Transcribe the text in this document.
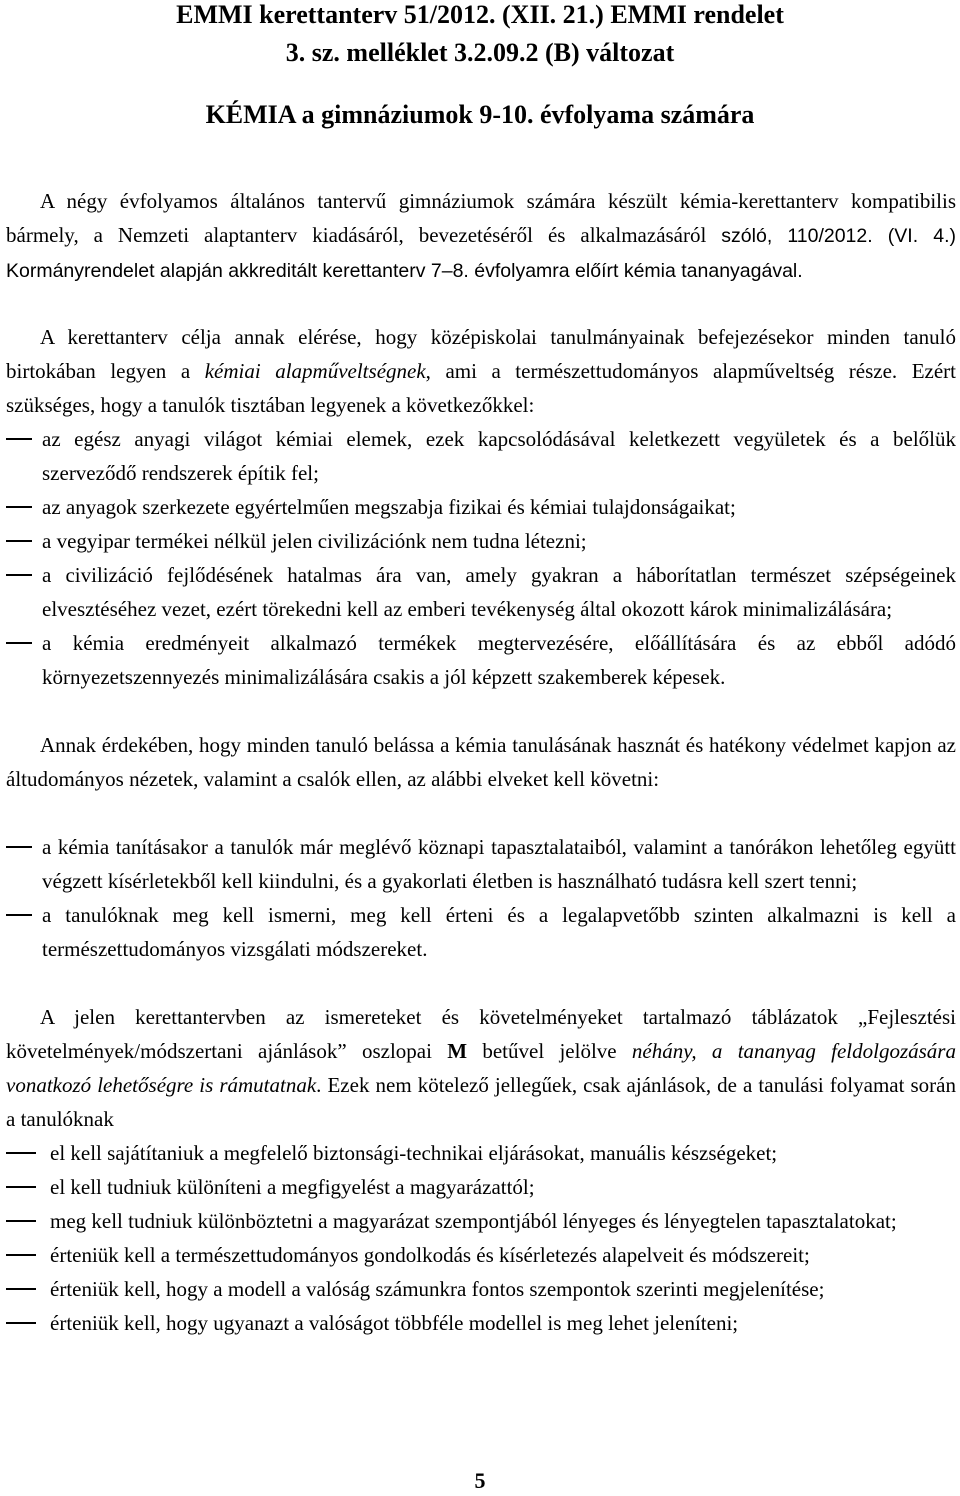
EMMI kerettanterv 51/2012. (XII. 21.) EMMI rendelet
3. sz. melléklet 3.2.09.2 (B) változat
KÉMIA a gimnáziumok 9-10. évfolyama számára
A négy évfolyamos általános tantervű gimnáziumok számára készült kémia-kerettanterv kompatibilis bármely, a Nemzeti alaptanterv kiadásáról, bevezetéséről és alkalmazásáról szóló, 110/2012. (VI. 4.) Kormányrendelet alapján akkreditált kerettanterv 7–8. évfolyamra előírt kémia tananyagával.
A kerettanterv célja annak elérése, hogy középiskolai tanulmányainak befejezésekor minden tanuló birtokában legyen a kémiai alapműveltségnek, ami a természettudományos alapműveltség része. Ezért szükséges, hogy a tanulók tisztában legyenek a következőkkel:
az egész anyagi világot kémiai elemek, ezek kapcsolódásával keletkezett vegyületek és a belőlük szerveződő rendszerek építik fel;
az anyagok szerkezete egyértelműen megszabja fizikai és kémiai tulajdonságaikat;
a vegyipar termékei nélkül jelen civilizációnk nem tudna létezni;
a civilizáció fejlődésének hatalmas ára van, amely gyakran a háborítatlan természet szépségeinek elvesztéséhez vezet, ezért törekedni kell az emberi tevékenység által okozott károk minimalizálására;
a kémia eredményeit alkalmazó termékek megtervezésére, előállítására és az ebből adódó környezetszennyezés minimalizálására csakis a jól képzett szakemberek képesek.
Annak érdekében, hogy minden tanuló belássa a kémia tanulásának hasznát és hatékony védelmet kapjon az áltudományos nézetek, valamint a csalók ellen, az alábbi elveket kell követni:
a kémia tanításakor a tanulók már meglévő köznapi tapasztalataiból, valamint a tanórákon lehetőleg együtt végzett kísérletekből kell kiindulni, és a gyakorlati életben is használható tudásra kell szert tenni;
a tanulóknak meg kell ismerni, meg kell érteni és a legalapvetőbb szinten alkalmazni is kell a természettudományos vizsgálati módszereket.
A jelen kerettantervben az ismereteket és követelményeket tartalmazó táblázatok „Fejlesztési követelmények/módszertani ajánlások” oszlopai M betűvel jelölve néhány, a tananyag feldolgozására vonatkozó lehetőségre is rámutatnak. Ezek nem kötelező jellegűek, csak ajánlások, de a tanulási folyamat során a tanulóknak
el kell sajátítaniuk a megfelelő biztonsági-technikai eljárásokat, manuális készségeket;
el kell tudniuk különíteni a megfigyelést a magyarázattól;
meg kell tudniuk különböztetni a magyarázat szempontjából lényeges és lényegtelen tapasztalatokat;
érteniük kell a természettudományos gondolkodás és kísérletezés alapelveit és módszereit;
érteniük kell, hogy a modell a valóság számunkra fontos szempontok szerinti megjelenítése;
érteniük kell, hogy ugyanazt a valóságot többféle modellel is meg lehet jeleníteni;
5
